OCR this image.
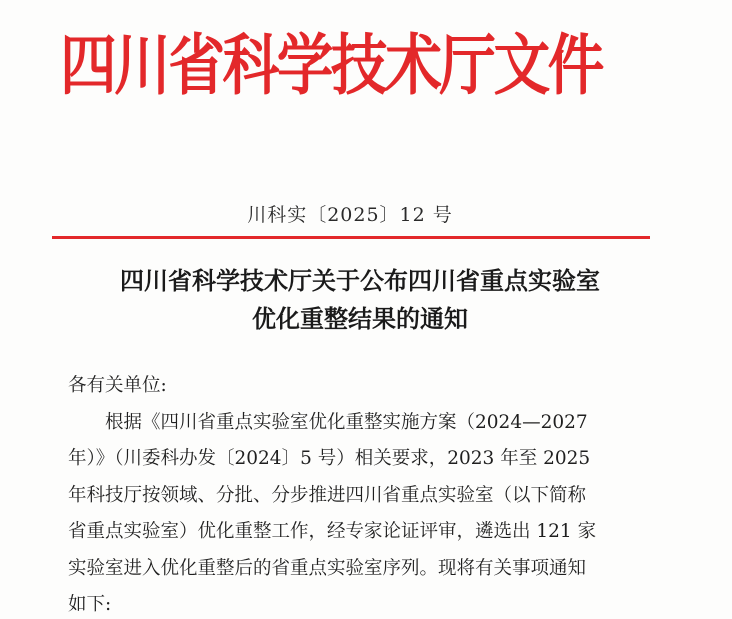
四川省科学技术厅文件
川科实〔2025〕12 号
四川省科学技术厅关于公布四川省重点实验室
优化重整结果的通知
各有关单位:
根据《四川省重点实验室优化重整实施方案（2024—2027
年）》（川委科办发〔2024〕5 号）相关要求，2023 年至 2025
年科技厅按领域、分批、分步推进四川省重点实验室（以下简称
省重点实验室）优化重整工作，经专家论证评审，遴选出 121 家
实验室进入优化重整后的省重点实验室序列。现将有关事项通知
如下:
